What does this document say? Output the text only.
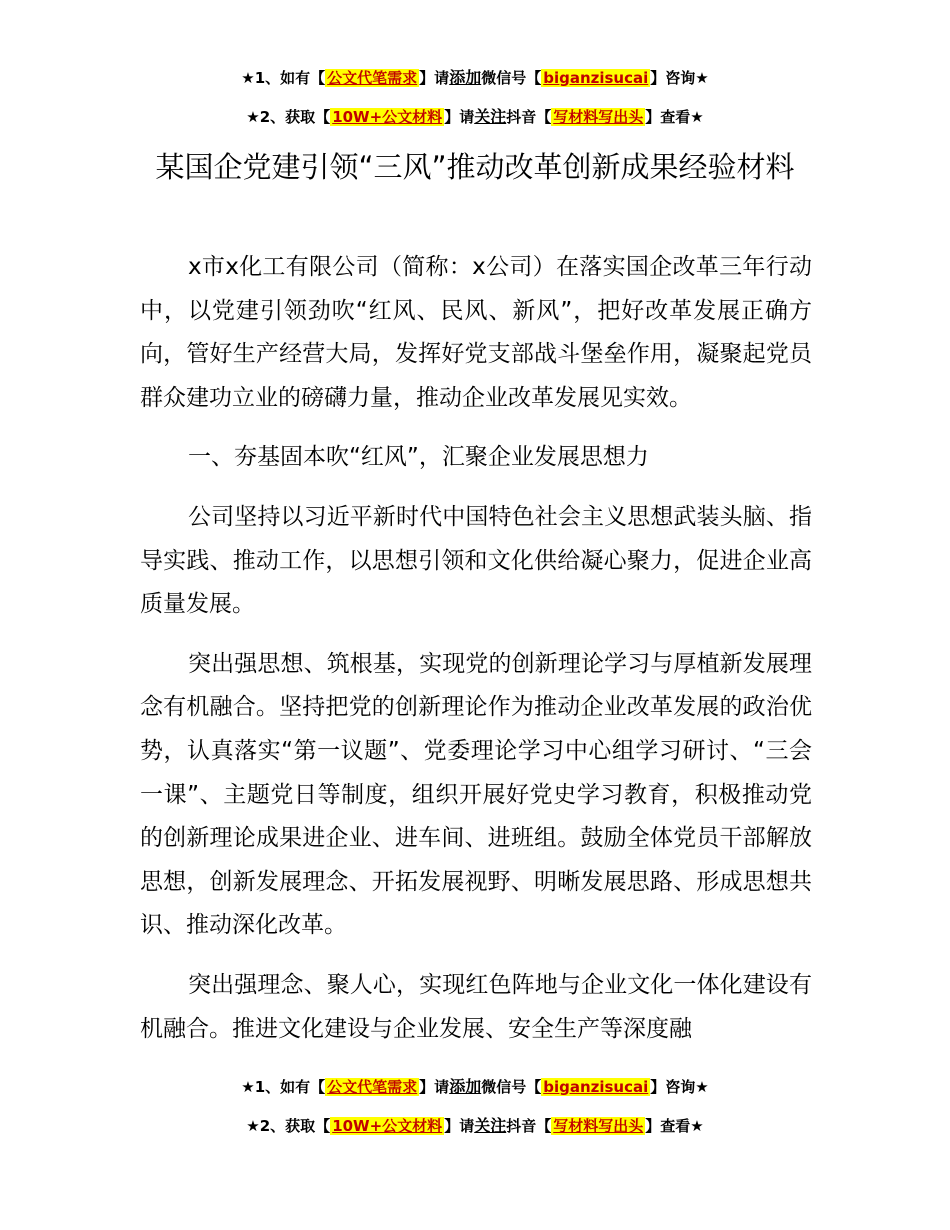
★1、如有【 公文代笔需求 】请添加微信号【 biganzisucai 】咨询★
★2、获取【 10W+公文材料 】请关注抖音【 写材料写出头 】查看★
某国企党建引领“三风”推动改革创新成果经验材料

x市x化工有限公司（简称：x公司）在落实国企改革三年行动中，以党建引领劲吹“红风、民风、新风”，把好改革发展正确方向，管好生产经营大局，发挥好党支部战斗堡垒作用，凝聚起党员群众建功立业的磅礴力量，推动企业改革发展见实效。

一、夯基固本吹“红风”，汇聚企业发展思想力

公司坚持以习近平新时代中国特色社会主义思想武装头脑、指导实践、推动工作，以思想引领和文化供给凝心聚力，促进企业高质量发展。

突出强思想、筑根基，实现党的创新理论学习与厚植新发展理念有机融合。坚持把党的创新理论作为推动企业改革发展的政治优势，认真落实“第一议题”、党委理论学习中心组学习研讨、“三会一课”、主题党日等制度，组织开展好党史学习教育，积极推动党的创新理论成果进企业、进车间、进班组。鼓励全体党员干部解放思想，创新发展理念、开拓发展视野、明晰发展思路、形成思想共识、推动深化改革。

突出强理念、聚人心，实现红色阵地与企业文化一体化建设有机融合。推进文化建设与企业发展、安全生产等深度融

★1、如有【 公文代笔需求 】请添加微信号【 biganzisucai 】咨询★
★2、获取【 10W+公文材料 】请关注抖音【 写材料写出头 】查看★
